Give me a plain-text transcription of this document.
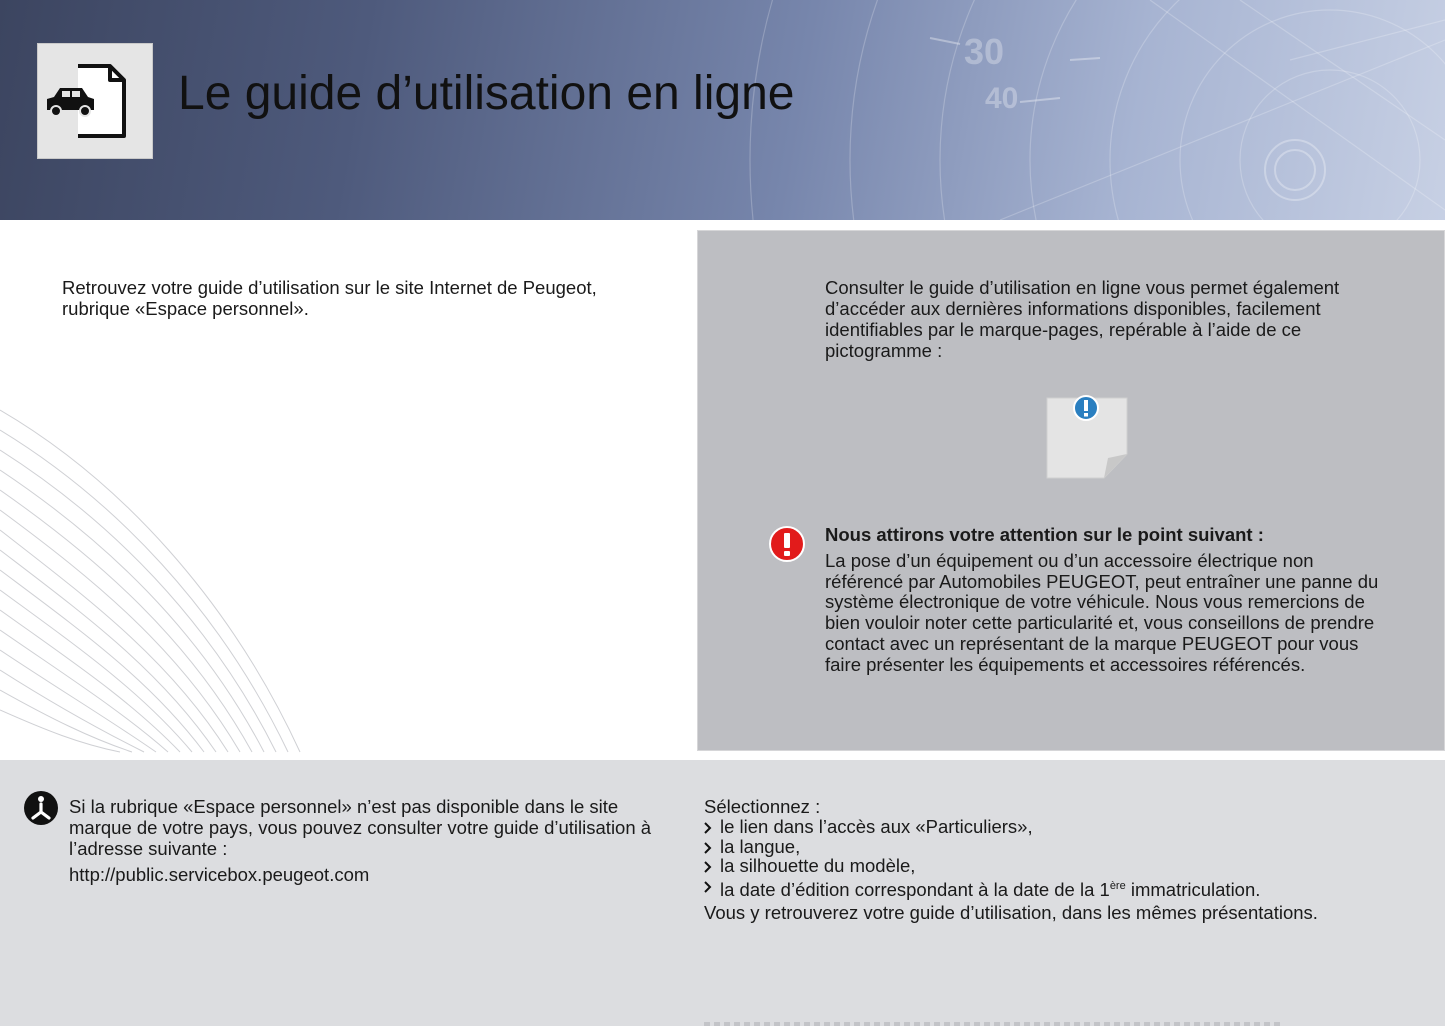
30
40
Le guide d’utilisation en ligne
Retrouvez votre guide d’utilisation sur le site Internet de Peugeot, rubrique «Espace personnel».
Consulter le guide d’utilisation en ligne vous permet également d’accéder aux dernières informations disponibles, facilement identifiables par le marque-pages, repérable à l’aide de ce pictogramme :
Nous attirons votre attention sur le point suivant :
La pose d’un équipement ou d’un accessoire électrique non référencé par Automobiles PEUGEOT, peut entraîner une panne du système électronique de votre véhicule. Nous vous remercions de bien vouloir noter cette particularité et, vous conseillons de prendre contact avec un représentant de la marque PEUGEOT pour vous faire présenter les équipements et accessoires référencés.
Si la rubrique «Espace personnel» n’est pas disponible dans le site marque de votre pays, vous pouvez consulter votre guide d’utilisation à l’adresse suivante :
http://public.servicebox.peugeot.com
Sélectionnez :
le lien dans l’accès aux «Particuliers»,
la langue,
la silhouette du modèle,
la date d’édition correspondant à la date de la 1ère immatriculation.
Vous y retrouverez votre guide d’utilisation, dans les mêmes présentations.
